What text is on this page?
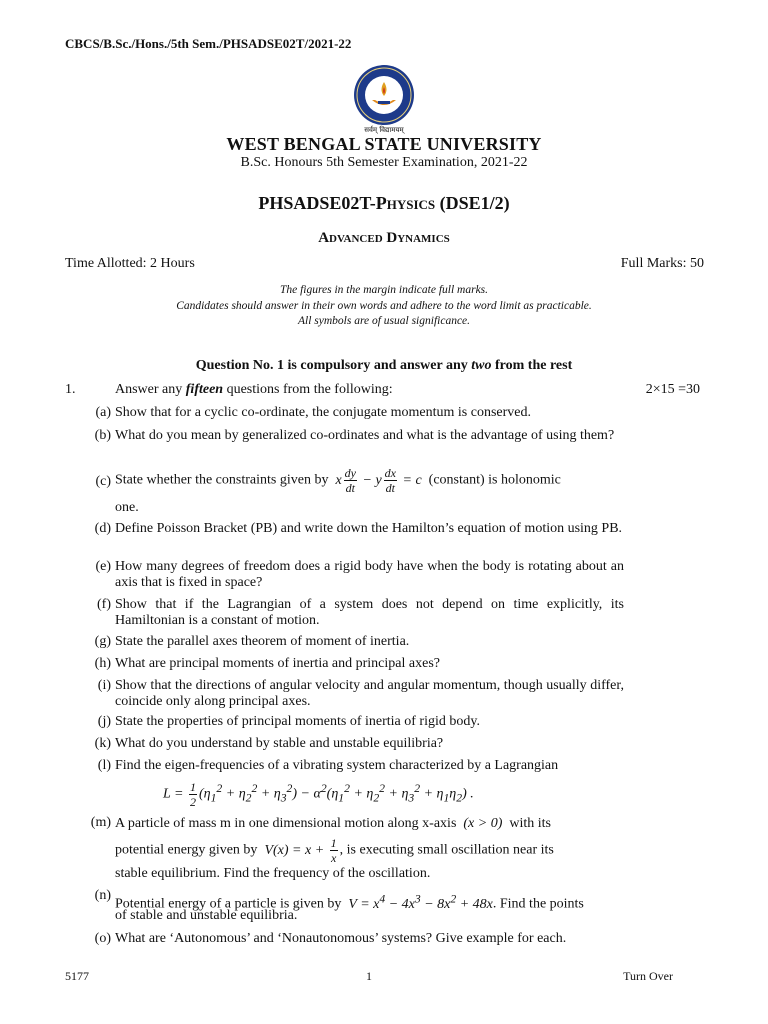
CBCS/B.Sc./Hons./5th Sem./PHSADSE02T/2021-22
सर्वम् विद्यामयम्
WEST BENGAL STATE UNIVERSITY
B.Sc. Honours 5th Semester Examination, 2021-22
PHSADSE02T-Physics (DSE1/2)
Advanced Dynamics
Time Allotted: 2 Hours	Full Marks: 50
The figures in the margin indicate full marks.
Candidates should answer in their own words and adhere to the word limit as practicable.
All symbols are of usual significance.
Question No. 1 is compulsory and answer any two from the rest
1.	Answer any fifteen questions from the following:	2×15 =30
(a) Show that for a cyclic co-ordinate, the conjugate momentum is conserved.
(b) What do you mean by generalized co-ordinates and what is the advantage of using them?
(c) State whether the constraints given by  x $\frac{dy}{dt} - y \frac{dx}{dt} = c$  (constant) is holonomic
one.
(d) Define Poisson Bracket (PB) and write down the Hamilton’s equation of motion using PB.
(e) How many degrees of freedom does a rigid body have when the body is rotating about an axis that is fixed in space?
(f) Show that if the Lagrangian of a system does not depend on time explicitly, its Hamiltonian is a constant of motion.
(g) State the parallel axes theorem of moment of inertia.
(h) What are principal moments of inertia and principal axes?
(i) Show that the directions of angular velocity and angular momentum, though usually differ, coincide only along principal axes.
(j) State the properties of principal moments of inertia of rigid body.
(k) What do you understand by stable and unstable equilibria?
(l) Find the eigen-frequencies of a vibrating system characterized by a Lagrangian
$L = \frac{1}{2} (\eta_1^2 + \eta_2^2 + \eta_3^2) - \alpha^2(\eta_1^2 + \eta_2^2 + \eta_3^2 + \eta_1\eta_2)$ .
(m) A particle of mass m in one dimensional motion along x-axis  (x > 0)  with its
potential energy given by  $V(x) = x + \frac{1}{x}$ , is executing small oscillation near its
stable equilibrium. Find the frequency of the oscillation.
(n)
Potential energy of a particle is given by  $V = x^4 - 4x^3 - 8x^2 + 48x$. Find the points
of stable and unstable equilibria.
(o) What are ‘Autonomous’ and ‘Nonautonomous’ systems? Give example for each.
5177	1	Turn Over
